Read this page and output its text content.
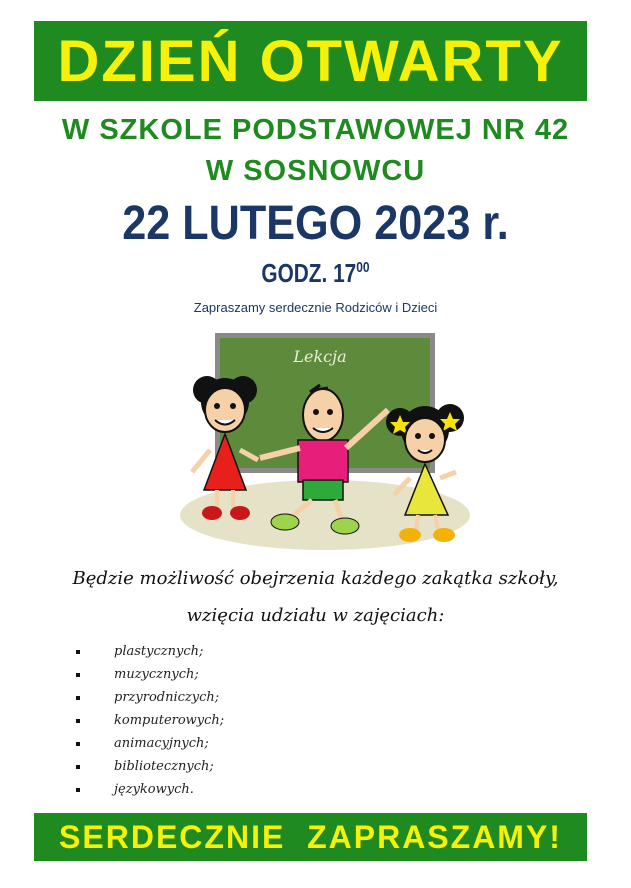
DZIEŃ OTWARTY
W SZKOLE PODSTAWOWEJ NR 42
W SOSNOWCU
22 LUTEGO 2023 r.
GODZ. $17^{00}$
Zapraszamy serdecznie Rodziców i Dzieci
Lekcja
Będzie możliwość obejrzenia każdego zakątka szkoły,
wzięcia udziału w zajęciach:
plastycznych;
muzycznych;
przyrodniczych;
komputerowych;
animacyjnych;
bibliotecznych;
językowych.
SERDECZNIE  ZAPRASZAMY!
